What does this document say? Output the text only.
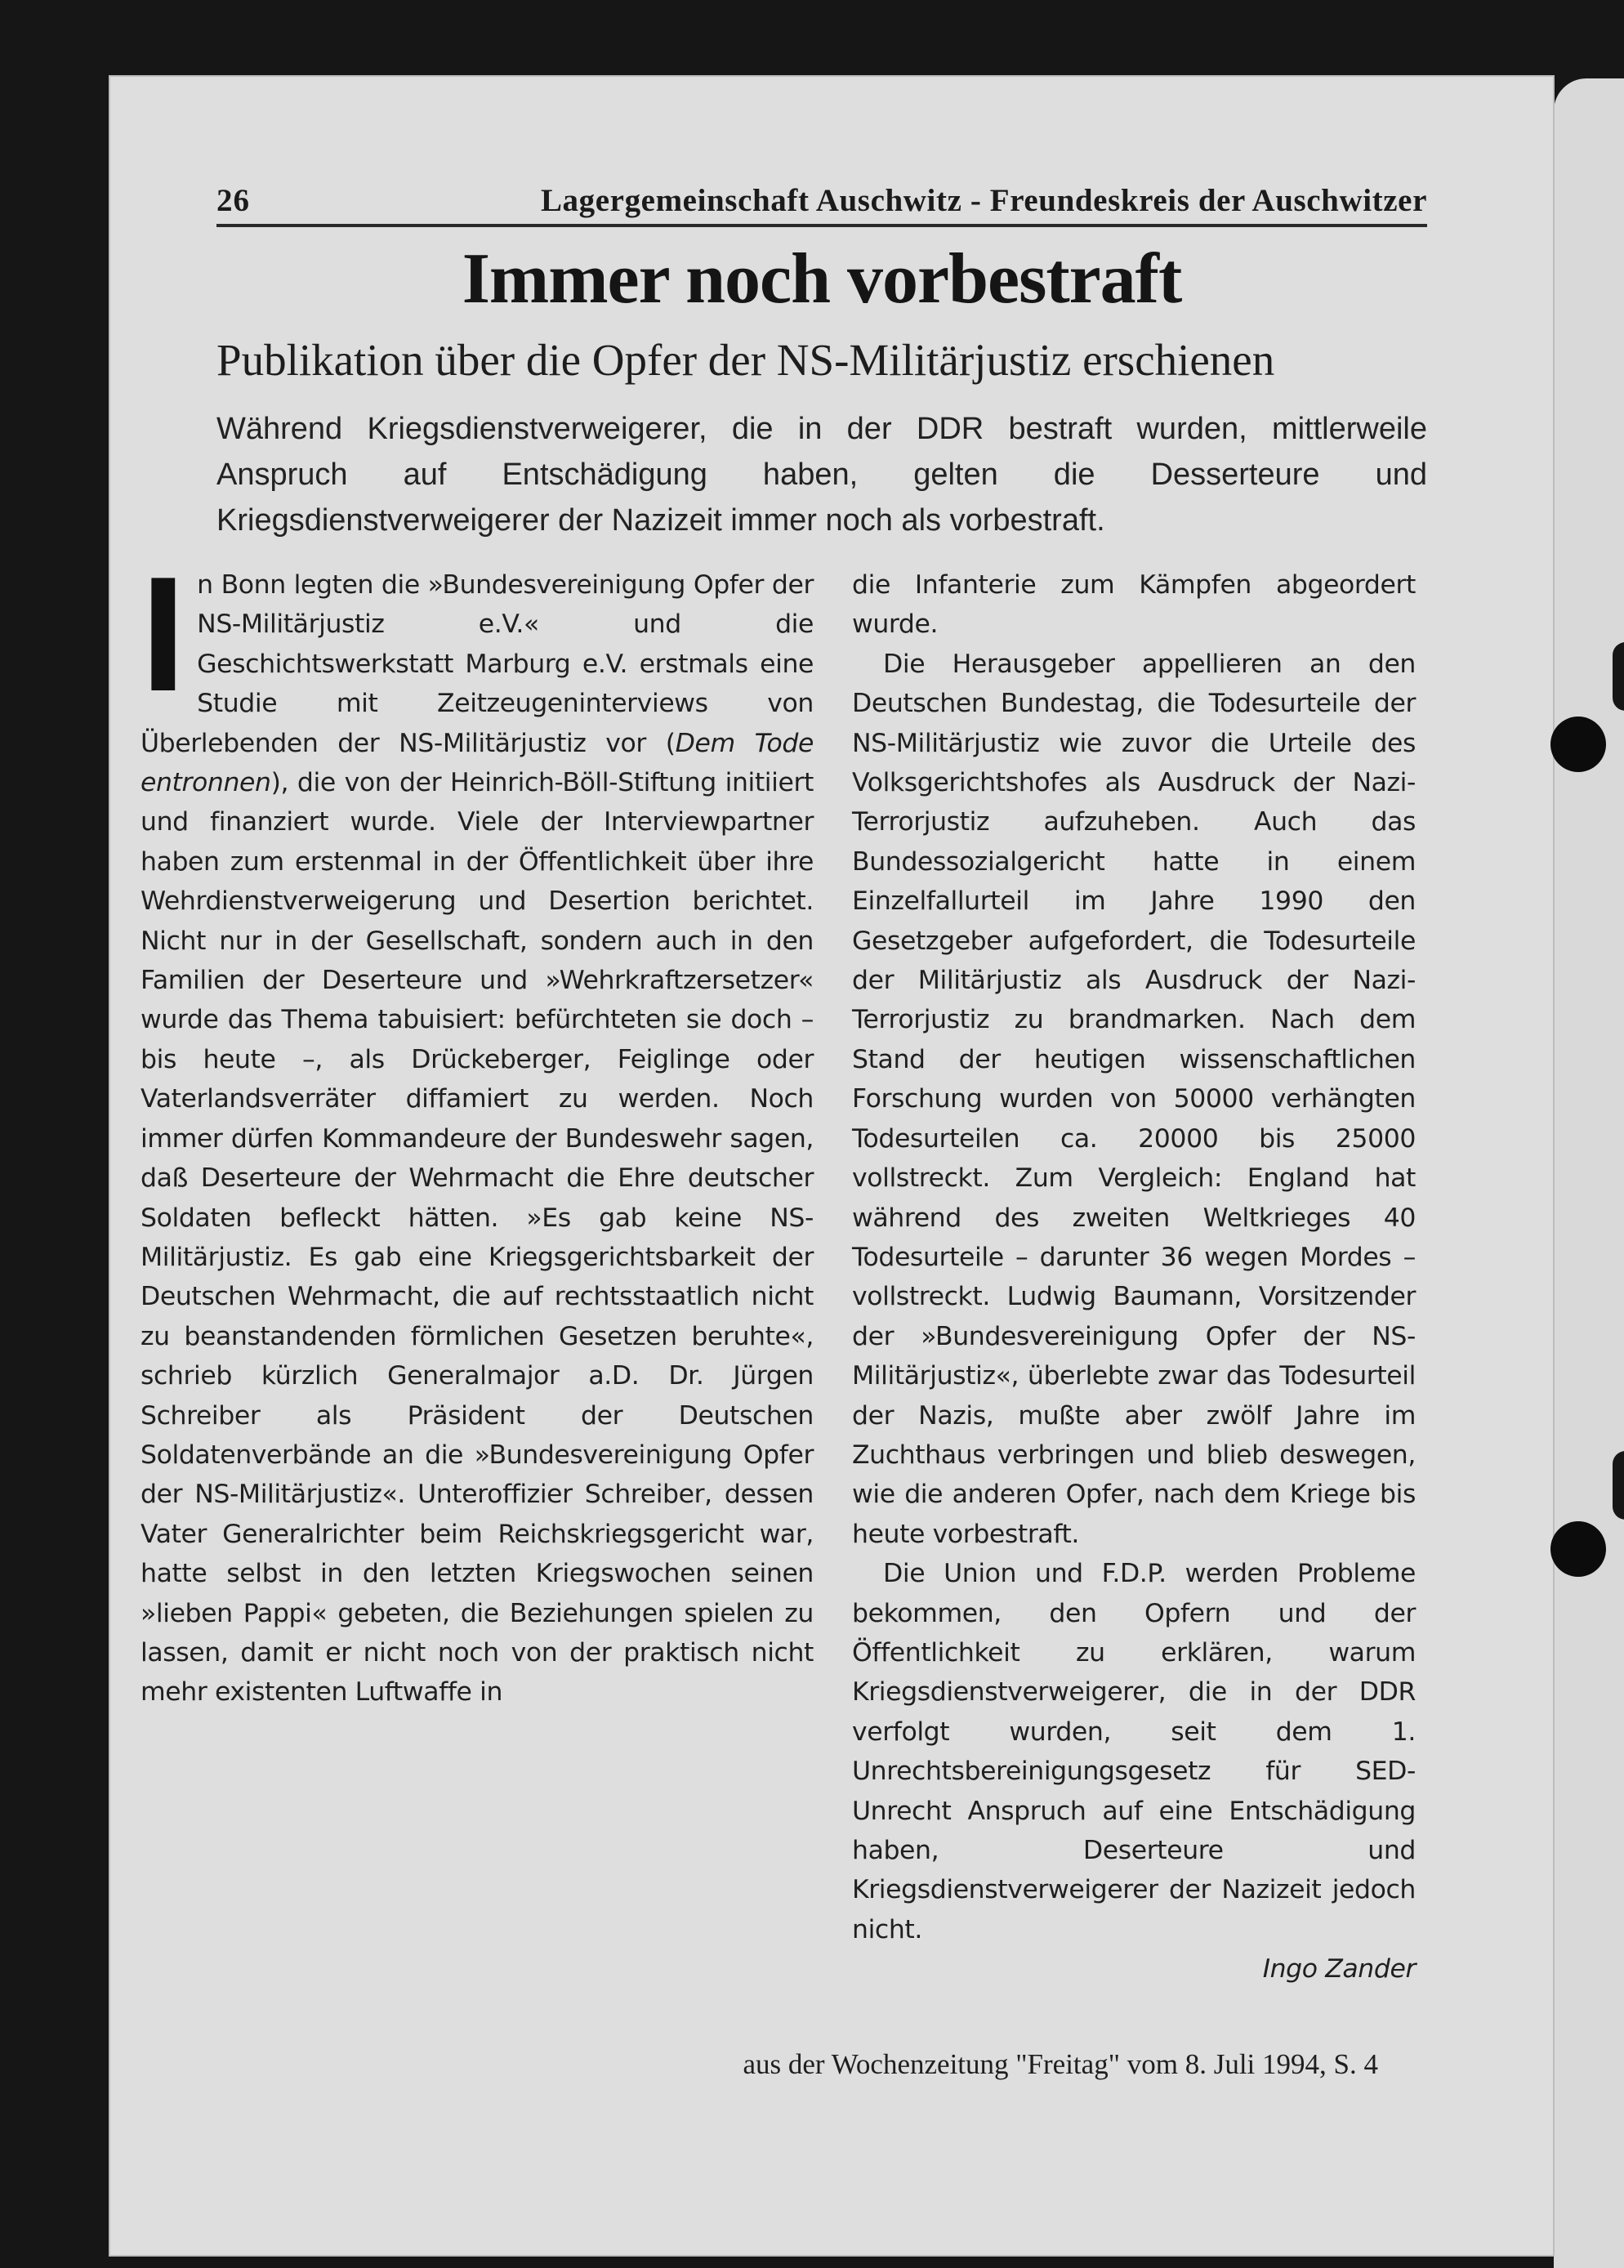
26	Lagergemeinschaft Auschwitz - Freundeskreis der Auschwitzer
Immer noch vorbestraft
Publikation über die Opfer der NS-Militärjustiz erschienen

Während Kriegsdienstverweigerer, die in der DDR bestraft wurden, mittlerweile Anspruch auf Entschädigung haben, gelten die Desserteure und Kriegsdienstverweigerer der Nazizeit immer noch als vorbestraft.

In Bonn legten die »Bundesvereinigung Opfer der NS-Militärjustiz e.V.« und die Geschichtswerkstatt Marburg e.V. erstmals eine Studie mit Zeitzeugeninterviews von Überlebenden der NS-Militärjustiz vor (Dem Tode entronnen), die von der Heinrich-Böll-Stiftung initiiert und finanziert wurde. Viele der Interviewpartner haben zum erstenmal in der Öffentlichkeit über ihre Wehrdienstverweigerung und Desertion berichtet. Nicht nur in der Gesellschaft, sondern auch in den Familien der Deserteure und »Wehrkraftzersetzer« wurde das Thema tabuisiert: befürchteten sie doch – bis heute –, als Drückeberger, Feiglinge oder Vaterlandsverräter diffamiert zu werden. Noch immer dürfen Kommandeure der Bundeswehr sagen, daß Deserteure der Wehrmacht die Ehre deutscher Soldaten befleckt hätten. »Es gab keine NS-Militärjustiz. Es gab eine Kriegsgerichtsbarkeit der Deutschen Wehrmacht, die auf rechtsstaatlich nicht zu beanstandenden förmlichen Gesetzen beruhte«, schrieb kürzlich Generalmajor a.D. Dr. Jürgen Schreiber als Präsident der Deutschen Soldatenverbände an die »Bundesvereinigung Opfer der NS-Militärjustiz«. Unteroffizier Schreiber, dessen Vater Generalrichter beim Reichskriegsgericht war, hatte selbst in den letzten Kriegswochen seinen »lieben Pappi« gebeten, die Beziehungen spielen zu lassen, damit er nicht noch von der praktisch nicht mehr existenten Luftwaffe in

die Infanterie zum Kämpfen abgeordert wurde.

Die Herausgeber appellieren an den Deutschen Bundestag, die Todesurteile der NS-Militärjustiz wie zuvor die Urteile des Volksgerichtshofes als Ausdruck der Nazi-Terrorjustiz aufzuheben. Auch das Bundessozialgericht hatte in einem Einzelfallurteil im Jahre 1990 den Gesetzgeber aufgefordert, die Todesurteile der Militärjustiz als Ausdruck der Nazi-Terrorjustiz zu brandmarken. Nach dem Stand der heutigen wissenschaftlichen Forschung wurden von 50000 verhängten Todesurteilen ca. 20000 bis 25000 vollstreckt. Zum Vergleich: England hat während des zweiten Weltkrieges 40 Todesurteile – darunter 36 wegen Mordes – vollstreckt. Ludwig Baumann, Vorsitzender der »Bundesvereinigung Opfer der NS-Militärjustiz«, überlebte zwar das Todesurteil der Nazis, mußte aber zwölf Jahre im Zuchthaus verbringen und blieb deswegen, wie die anderen Opfer, nach dem Kriege bis heute vorbestraft.

Die Union und F.D.P. werden Probleme bekommen, den Opfern und der Öffentlichkeit zu erklären, warum Kriegsdienstverweigerer, die in der DDR verfolgt wurden, seit dem 1. Unrechtsbereinigungsgesetz für SED-Unrecht Anspruch auf eine Entschädigung haben, Deserteure und Kriegsdienstverweigerer der Nazizeit jedoch nicht.

Ingo Zander

aus der Wochenzeitung "Freitag" vom 8. Juli 1994, S. 4
